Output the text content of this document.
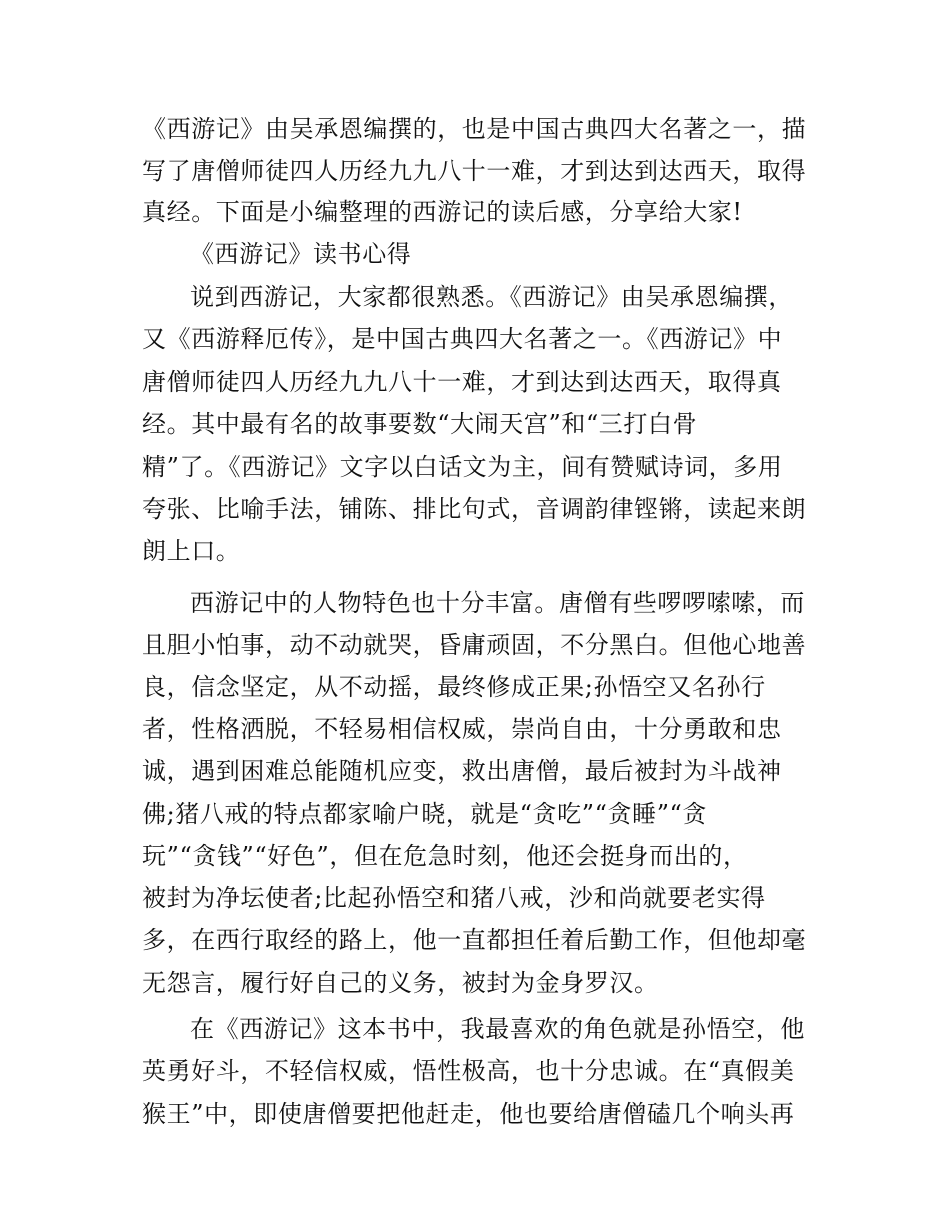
《西游记》由吴承恩编撰的，也是中国古典四大名著之一，描
写了唐僧师徒四人历经九九八十一难，才到达到达西天，取得
真经。下面是小编整理的西游记的读后感，分享给大家!
《西游记》读书心得
说到西游记，大家都很熟悉。《西游记》由吴承恩编撰，
又《西游释厄传》，是中国古典四大名著之一。《西游记》中
唐僧师徒四人历经九九八十一难，才到达到达西天，取得真
经。其中最有名的故事要数“大闹天宫”和“三打白骨
精”了。《西游记》文字以白话文为主，间有赞赋诗词，多用
夸张、比喻手法，铺陈、排比句式，音调韵律铿锵，读起来朗
朗上口。
西游记中的人物特色也十分丰富。唐僧有些啰啰嗦嗦，而
且胆小怕事，动不动就哭，昏庸顽固，不分黑白。但他心地善
良，信念坚定，从不动摇，最终修成正果;孙悟空又名孙行
者，性格洒脱，不轻易相信权威，崇尚自由，十分勇敢和忠
诚，遇到困难总能随机应变，救出唐僧，最后被封为斗战神
佛;猪八戒的特点都家喻户晓，就是“贪吃”“贪睡”“贪
玩”“贪钱”“好色”，但在危急时刻，他还会挺身而出的，
被封为净坛使者;比起孙悟空和猪八戒，沙和尚就要老实得
多，在西行取经的路上，他一直都担任着后勤工作，但他却毫
无怨言，履行好自己的义务，被封为金身罗汉。
在《西游记》这本书中，我最喜欢的角色就是孙悟空，他
英勇好斗，不轻信权威，悟性极高，也十分忠诚。在“真假美
猴王”中，即使唐僧要把他赶走，他也要给唐僧磕几个响头再
